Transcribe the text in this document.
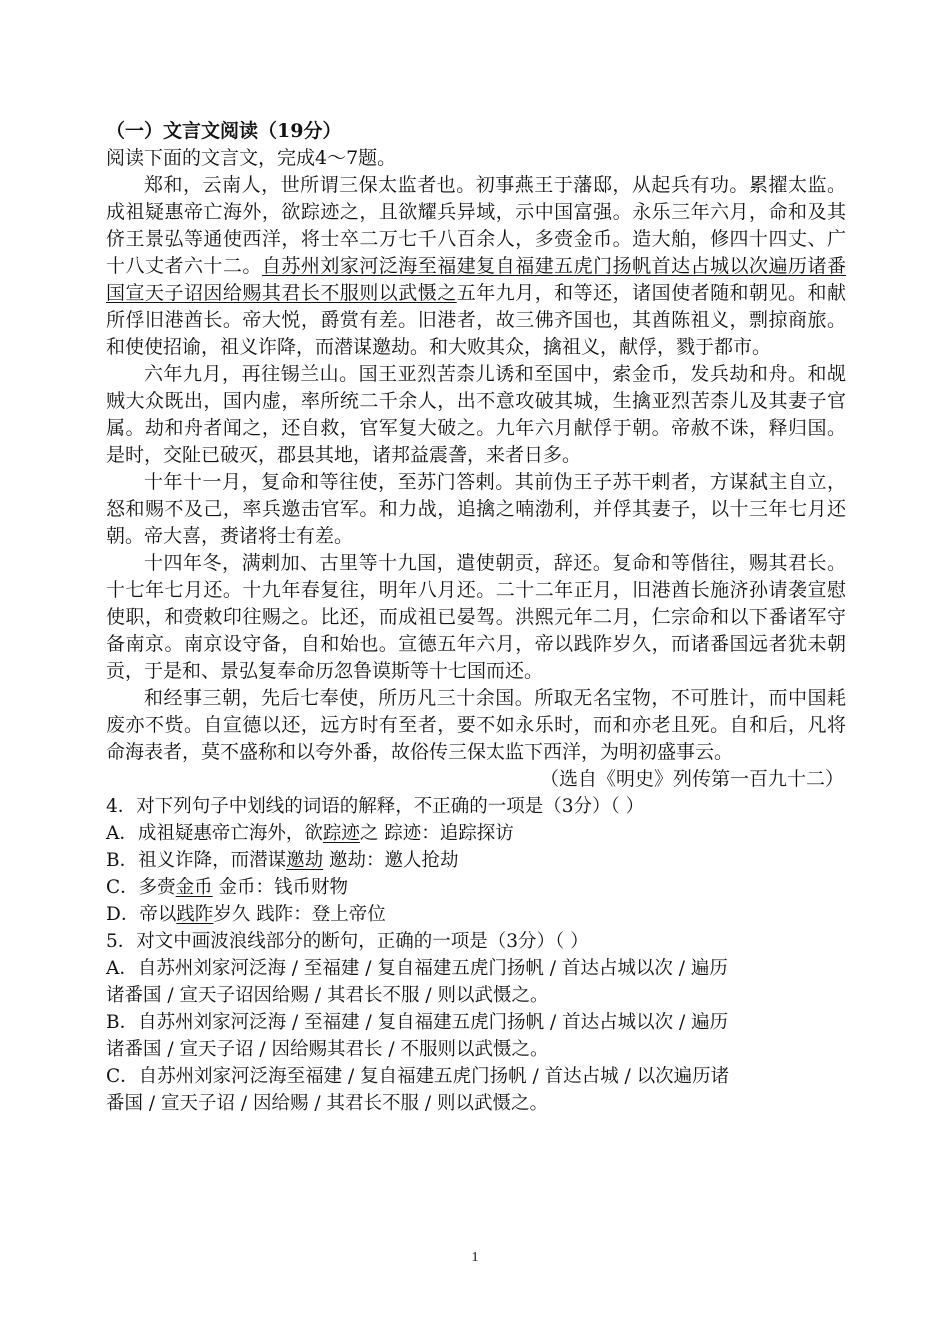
（一）文言文阅读（19分）
阅读下面的文言文，完成4～7题。
郑和，云南人，世所谓三保太监者也。初事燕王于藩邸，从起兵有功。累擢太监。成祖疑惠帝亡海外，欲踪迹之，且欲耀兵异域，示中国富强。永乐三年六月，命和及其侪王景弘等通使西洋，将士卒二万七千八百余人，多赍金币。造大舶，修四十四丈、广十八丈者六十二。自苏州刘家河泛海至福建复自福建五虎门扬帆首达占城以次遍历诸番国宣天子诏因给赐其君长不服则以武慑之五年九月，和等还，诸国使者随和朝见。和献所俘旧港酋长。帝大悦，爵赏有差。旧港者，故三佛齐国也，其酋陈祖义，剽掠商旅。和使使招谕，祖义诈降，而潜谋邀劫。和大败其众，擒祖义，献俘，戮于都市。
六年九月，再往锡兰山。国王亚烈苦柰儿诱和至国中，索金币，发兵劫和舟。和觇贼大众既出，国内虚，率所统二千余人，出不意攻破其城，生擒亚烈苦柰儿及其妻子官属。劫和舟者闻之，还自救，官军复大破之。九年六月献俘于朝。帝赦不诛，释归国。是时，交阯已破灭，郡县其地，诸邦益震詟，来者日多。
十年十一月，复命和等往使，至苏门答剌。其前伪王子苏干剌者，方谋弑主自立，怒和赐不及己，率兵邀击官军。和力战，追擒之喃渤利，并俘其妻子，以十三年七月还朝。帝大喜，赉诸将士有差。
十四年冬，满剌加、古里等十九国，遣使朝贡，辞还。复命和等偕往，赐其君长。十七年七月还。十九年春复往，明年八月还。二十二年正月，旧港酋长施济孙请袭宣慰使职，和赍敕印往赐之。比还，而成祖已晏驾。洪熙元年二月，仁宗命和以下番诸军守备南京。南京设守备，自和始也。宣德五年六月，帝以践阼岁久，而诸番国远者犹未朝贡，于是和、景弘复奉命历忽鲁谟斯等十七国而还。
和经事三朝，先后七奉使，所历凡三十余国。所取无名宝物，不可胜计，而中国耗废亦不赀。自宣德以还，远方时有至者，要不如永乐时，而和亦老且死。自和后，凡将命海表者，莫不盛称和以夸外番，故俗传三保太监下西洋，为明初盛事云。
（选自《明史》列传第一百九十二）
4．对下列句子中划线的词语的解释，不正确的一项是（3分）（ ）
A．成祖疑惠帝亡海外，欲踪迹之 踪迹：追踪探访
B．祖义诈降，而潜谋邀劫 邀劫：邀人抢劫
C．多赍金币 金币：钱币财物
D．帝以践阼岁久 践阼：登上帝位
5．对文中画波浪线部分的断句，正确的一项是（3分）（ ）
A．自苏州刘家河泛海 / 至福建 / 复自福建五虎门扬帆 / 首达占城以次 / 遍历
诸番国 / 宣天子诏因给赐 / 其君长不服 / 则以武慑之。
B．自苏州刘家河泛海 / 至福建 / 复自福建五虎门扬帆 / 首达占城以次 / 遍历
诸番国 / 宣天子诏 / 因给赐其君长 / 不服则以武慑之。
C．自苏州刘家河泛海至福建 / 复自福建五虎门扬帆 / 首达占城 / 以次遍历诸
番国 / 宣天子诏 / 因给赐 / 其君长不服 / 则以武慑之。
1
